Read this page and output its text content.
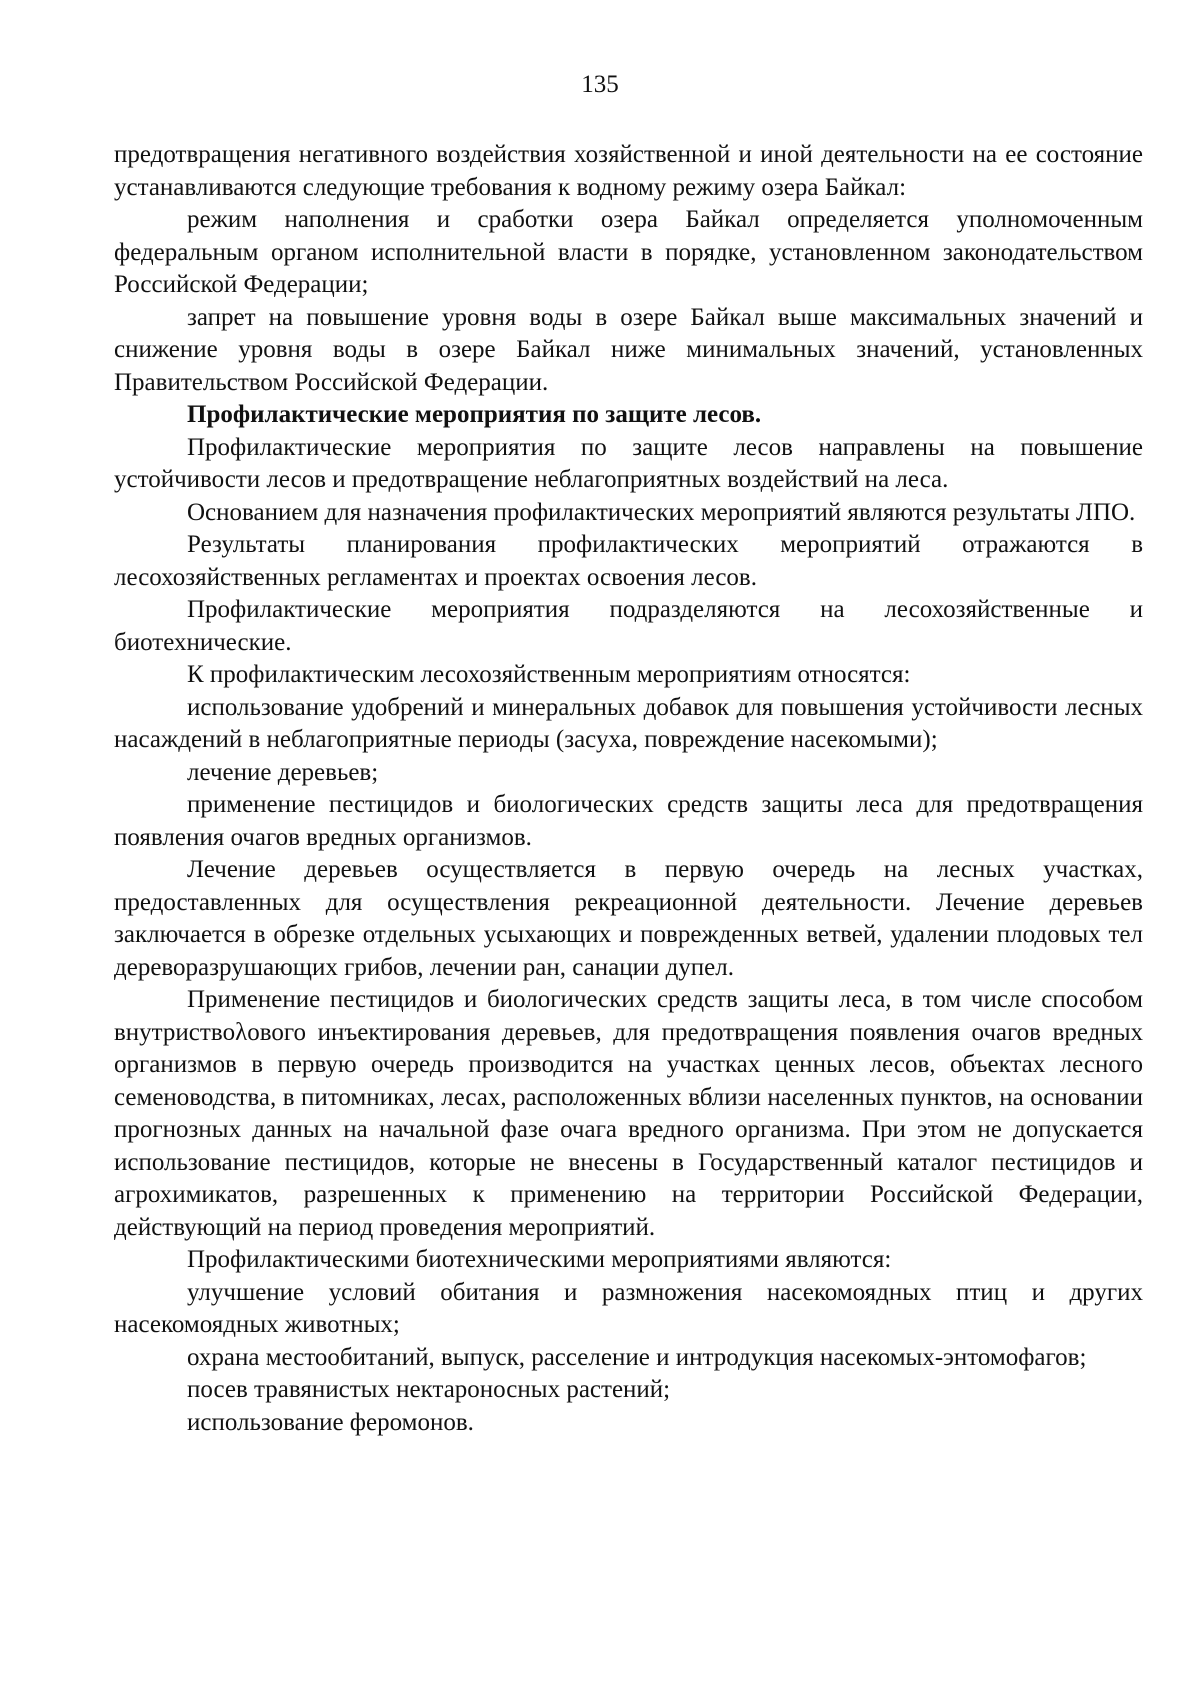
135

предотвращения негативного воздействия хозяйственной и иной деятельности на ее состояние устанавливаются следующие требования к водному режиму озера Байкал:

режим наполнения и сработки озера Байкал определяется уполномоченным федеральным органом исполнительной власти в порядке, установленном законодательством Российской Федерации;

запрет на повышение уровня воды в озере Байкал выше максимальных значений и снижение уровня воды в озере Байкал ниже минимальных значений, установленных Правительством Российской Федерации.

Профилактические мероприятия по защите лесов.

Профилактические мероприятия по защите лесов направлены на повышение устойчивости лесов и предотвращение неблагоприятных воздействий на леса.

Основанием для назначения профилактических мероприятий являются результаты ЛПО.

Результаты планирования профилактических мероприятий отражаются в лесохозяйственных регламентах и проектах освоения лесов.

Профилактические мероприятия подразделяются на лесохозяйственные и биотехнические.

К профилактическим лесохозяйственным мероприятиям относятся:

использование удобрений и минеральных добавок для повышения устойчивости лесных насаждений в неблагоприятные периоды (засуха, повреждение насекомыми);

лечение деревьев;

применение пестицидов и биологических средств защиты леса для предотвращения появления очагов вредных организмов.

Лечение деревьев осуществляется в первую очередь на лесных участках, предоставленных для осуществления рекреационной деятельности. Лечение деревьев заключается в обрезке отдельных усыхающих и поврежденных ветвей, удалении плодовых тел дереворазрушающих грибов, лечении ран, санации дупел.

Применение пестицидов и биологических средств защиты леса, в том числе способом внутриствολового инъектирования деревьев, для предотвращения появления очагов вредных организмов в первую очередь производится на участках ценных лесов, объектах лесного семеноводства, в питомниках, лесах, расположенных вблизи населенных пунктов, на основании прогнозных данных на начальной фазе очага вредного организма. При этом не допускается использование пестицидов, которые не внесены в Государственный каталог пестицидов и агрохимикатов, разрешенных к применению на территории Российской Федерации, действующий на период проведения мероприятий.

Профилактическими биотехническими мероприятиями являются:

улучшение условий обитания и размножения насекомоядных птиц и других насекомоядных животных;

охрана местообитаний, выпуск, расселение и интродукция насекомых-энтомофагов;

посев травянистых нектароносных растений;

использование феромонов.
